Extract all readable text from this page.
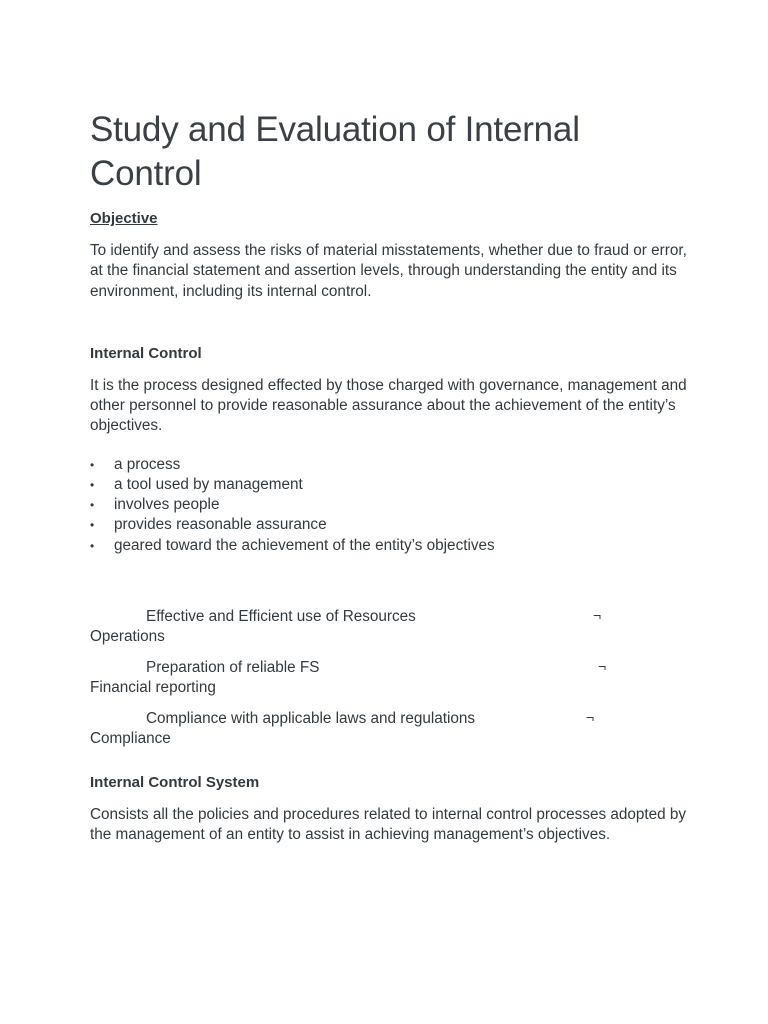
Study and Evaluation of Internal Control
Objective

To identify and assess the risks of material misstatements, whether due to fraud or error, at the financial statement and assertion levels, through understanding the entity and its environment, including its internal control.

Internal Control

It is the process designed effected by those charged with governance, management and other personnel to provide reasonable assurance about the achievement of the entity’s objectives.

• a process
• a tool used by management
• involves people
• provides reasonable assurance
• geared toward the achievement of the entity’s objectives
Effective and Efficient use of Resources	¬
Operations
Preparation of reliable FS	¬
Financial reporting
Compliance with applicable laws and regulations	¬
Compliance
Internal Control System

Consists all the policies and procedures related to internal control processes adopted by the management of an entity to assist in achieving management’s objectives.
